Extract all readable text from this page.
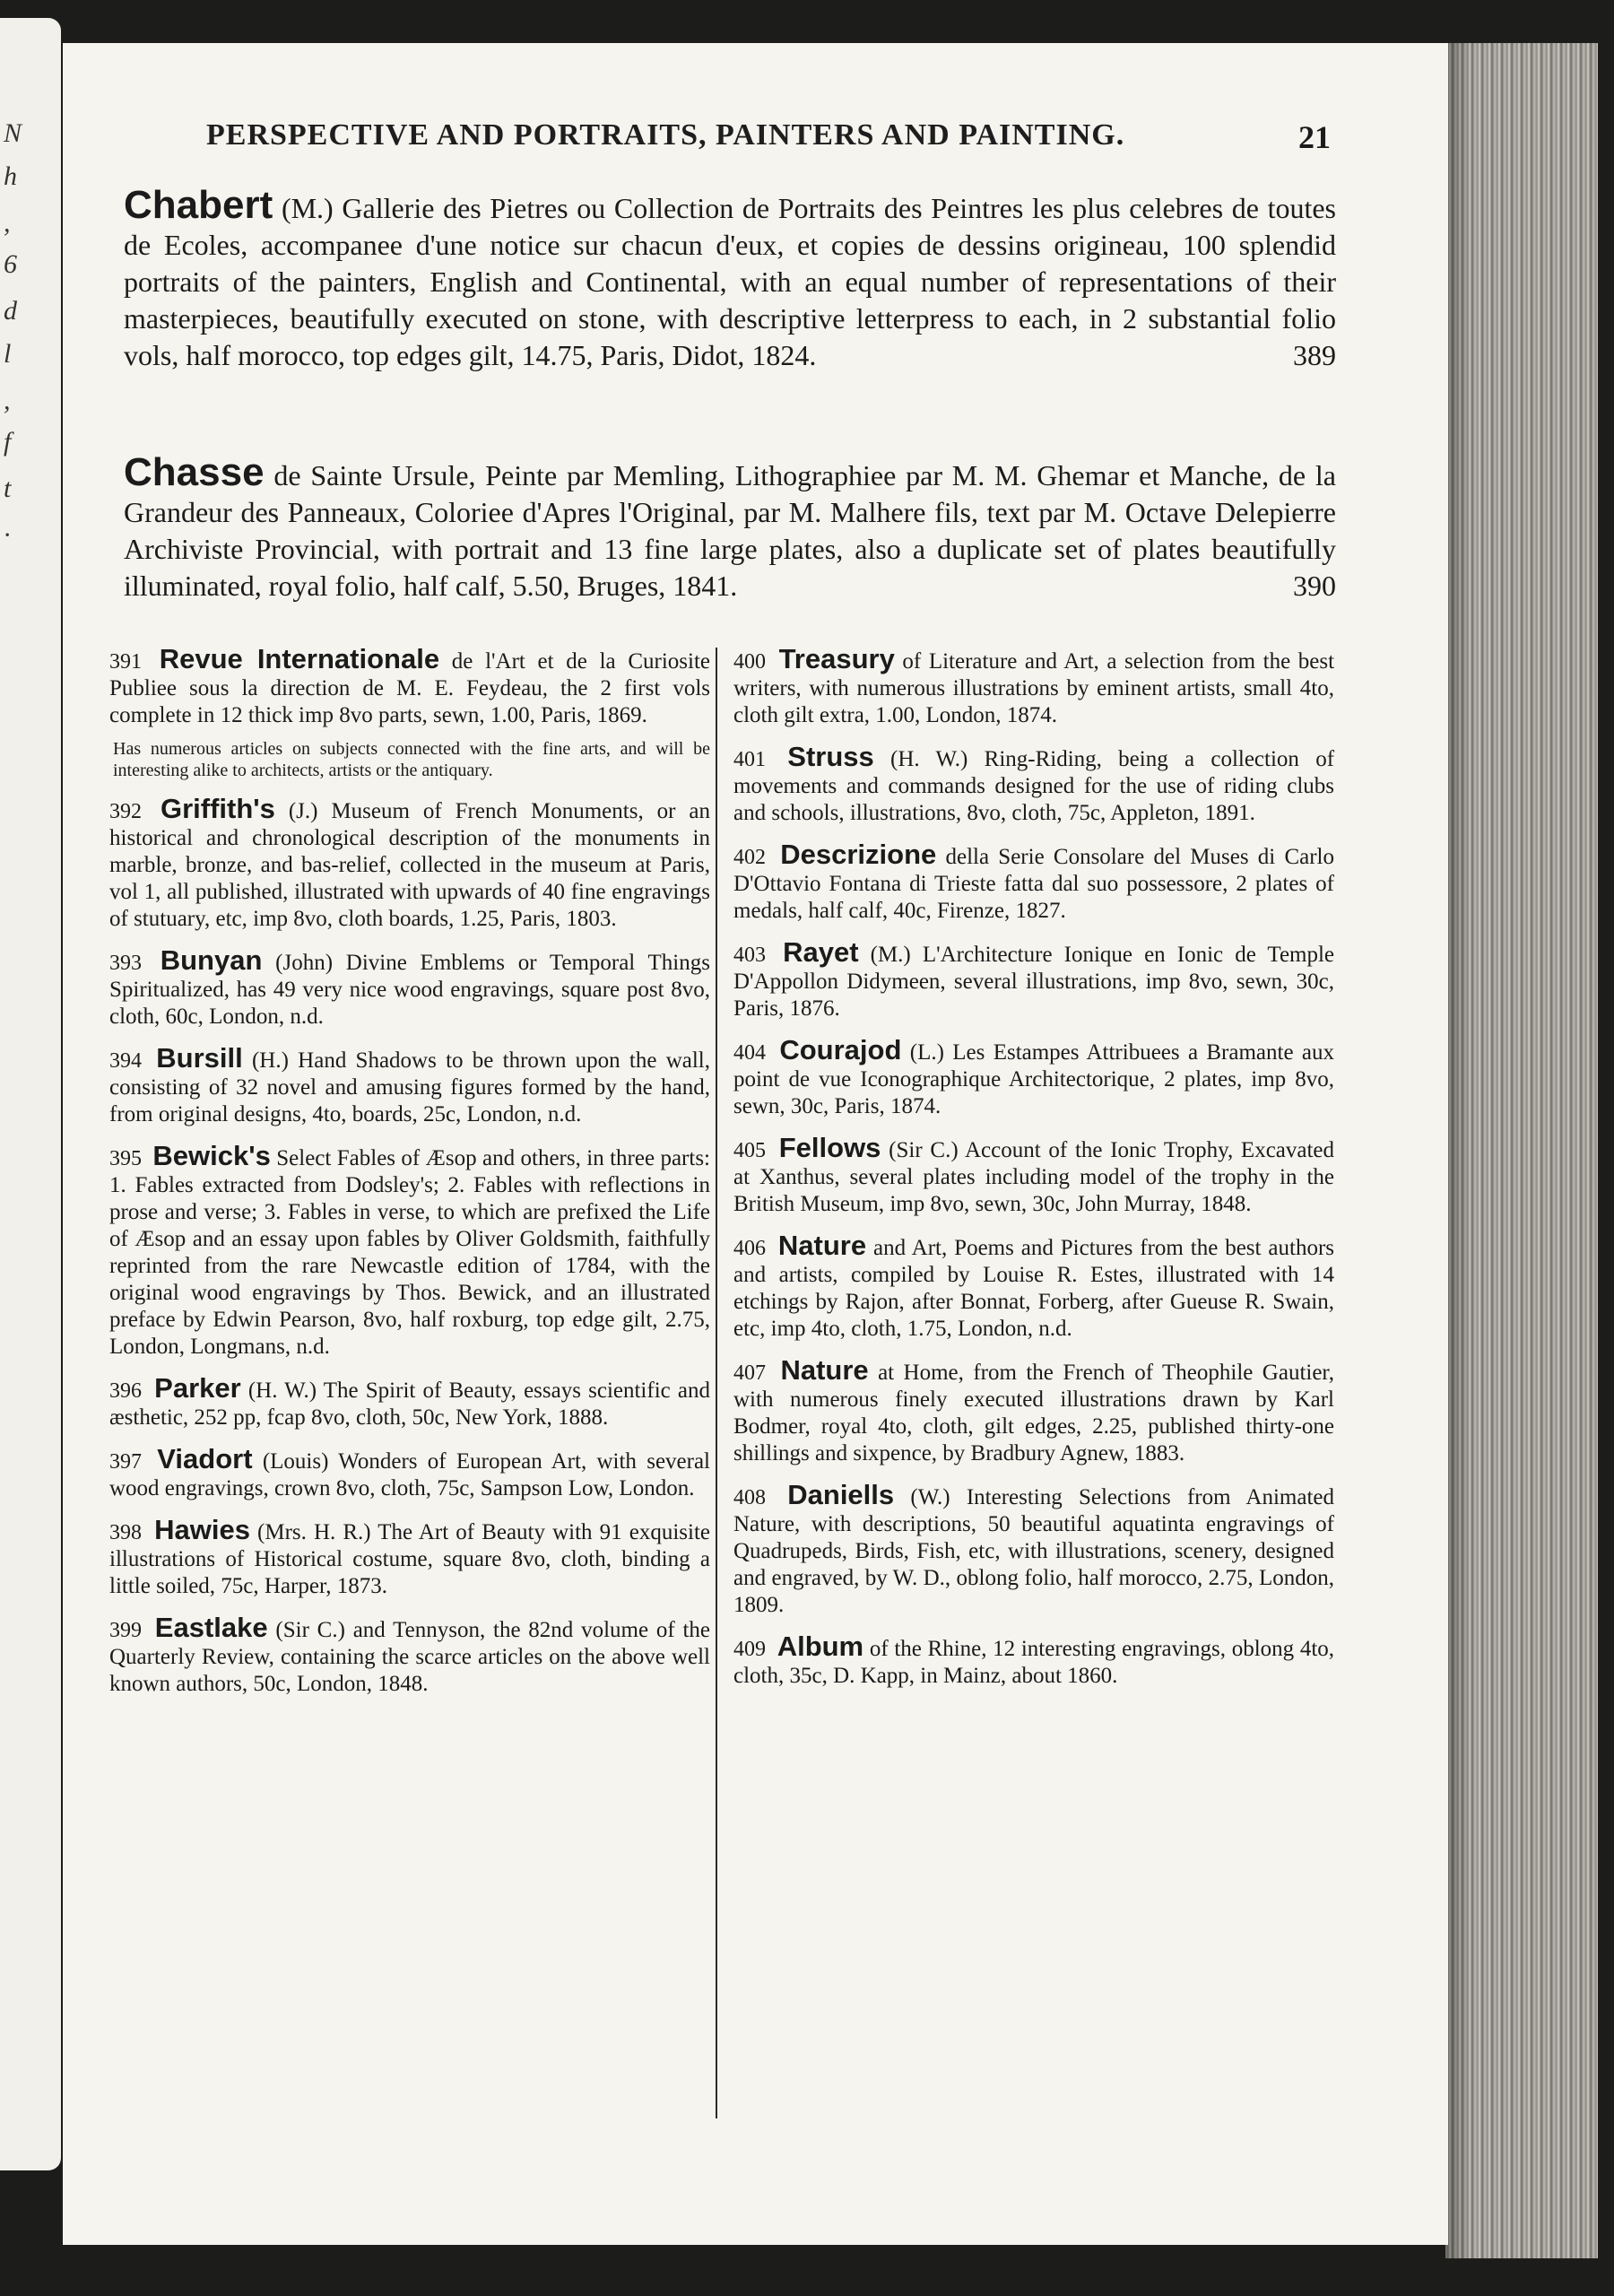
N
h
,
6
d
l
,
f
t
·
PERSPECTIVE AND PORTRAITS, PAINTERS AND PAINTING.	21
Chabert (M.) Gallerie des Pietres ou Collection de Portraits des Peintres les plus celebres de toutes de Ecoles, accompanee d'une notice sur chacun d'eux, et copies de dessins origineau, 100 splendid portraits of the painters, English and Continental, with an equal number of representations of their masterpieces, beautifully executed on stone, with descriptive letterpress to each, in 2 substantial folio vols, half morocco, top edges gilt, 14.75, Paris, Didot, 1824.	389
Chasse de Sainte Ursule, Peinte par Memling, Lithographiee par M. M. Ghemar et Manche, de la Grandeur des Panneaux, Coloriee d'Apres l'Original, par M. Malhere fils, text par M. Octave Delepierre Archiviste Provincial, with portrait and 13 fine large plates, also a duplicate set of plates beautifully illuminated, royal folio, half calf, 5.50, Bruges, 1841.	390
391 Revue Internationale de l'Art et de la Curiosite Publiee sous la direction de M. E. Feydeau, the 2 first vols complete in 12 thick imp 8vo parts, sewn, 1.00, Paris, 1869.
Has numerous articles on subjects connected with the fine arts, and will be interesting alike to architects, artists or the antiquary.
392 Griffith's (J.) Museum of French Monuments, or an historical and chronological description of the monuments in marble, bronze, and bas-relief, collected in the museum at Paris, vol 1, all published, illustrated with upwards of 40 fine engravings of stutuary, etc, imp 8vo, cloth boards, 1.25, Paris, 1803.
393 Bunyan (John) Divine Emblems or Temporal Things Spiritualized, has 49 very nice wood engravings, square post 8vo, cloth, 60c, London, n.d.
394 Bursill (H.) Hand Shadows to be thrown upon the wall, consisting of 32 novel and amusing figures formed by the hand, from original designs, 4to, boards, 25c, London, n.d.
395 Bewick's Select Fables of Æsop and others, in three parts: 1. Fables extracted from Dodsley's; 2. Fables with reflections in prose and verse; 3. Fables in verse, to which are prefixed the Life of Æsop and an essay upon fables by Oliver Goldsmith, faithfully reprinted from the rare Newcastle edition of 1784, with the original wood engravings by Thos. Bewick, and an illustrated preface by Edwin Pearson, 8vo, half roxburg, top edge gilt, 2.75, London, Longmans, n.d.
396 Parker (H. W.) The Spirit of Beauty, essays scientific and æsthetic, 252 pp, fcap 8vo, cloth, 50c, New York, 1888.
397 Viadort (Louis) Wonders of European Art, with several wood engravings, crown 8vo, cloth, 75c, Sampson Low, London.
398 Hawies (Mrs. H. R.) The Art of Beauty with 91 exquisite illustrations of Historical costume, square 8vo, cloth, binding a little soiled, 75c, Harper, 1873.
399 Eastlake (Sir C.) and Tennyson, the 82nd volume of the Quarterly Review, containing the scarce articles on the above well known authors, 50c, London, 1848.
400 Treasury of Literature and Art, a selection from the best writers, with numerous illustrations by eminent artists, small 4to, cloth gilt extra, 1.00, London, 1874.
401 Struss (H. W.) Ring-Riding, being a collection of movements and commands designed for the use of riding clubs and schools, illustrations, 8vo, cloth, 75c, Appleton, 1891.
402 Descrizione della Serie Consolare del Muses di Carlo D'Ottavio Fontana di Trieste fatta dal suo possessore, 2 plates of medals, half calf, 40c, Firenze, 1827.
403 Rayet (M.) L'Architecture Ionique en Ionic de Temple D'Appollon Didymeen, several illustrations, imp 8vo, sewn, 30c, Paris, 1876.
404 Courajod (L.) Les Estampes Attribuees a Bramante aux point de vue Iconographique Architectorique, 2 plates, imp 8vo, sewn, 30c, Paris, 1874.
405 Fellows (Sir C.) Account of the Ionic Trophy, Excavated at Xanthus, several plates including model of the trophy in the British Museum, imp 8vo, sewn, 30c, John Murray, 1848.
406 Nature and Art, Poems and Pictures from the best authors and artists, compiled by Louise R. Estes, illustrated with 14 etchings by Rajon, after Bonnat, Forberg, after Gueuse R. Swain, etc, imp 4to, cloth, 1.75, London, n.d.
407 Nature at Home, from the French of Theophile Gautier, with numerous finely executed illustrations drawn by Karl Bodmer, royal 4to, cloth, gilt edges, 2.25, published thirty-one shillings and sixpence, by Bradbury Agnew, 1883.
408 Daniells (W.) Interesting Selections from Animated Nature, with descriptions, 50 beautiful aquatinta engravings of Quadrupeds, Birds, Fish, etc, with illustrations, scenery, designed and engraved, by W. D., oblong folio, half morocco, 2.75, London, 1809.
409 Album of the Rhine, 12 interesting engravings, oblong 4to, cloth, 35c, D. Kapp, in Mainz, about 1860.
